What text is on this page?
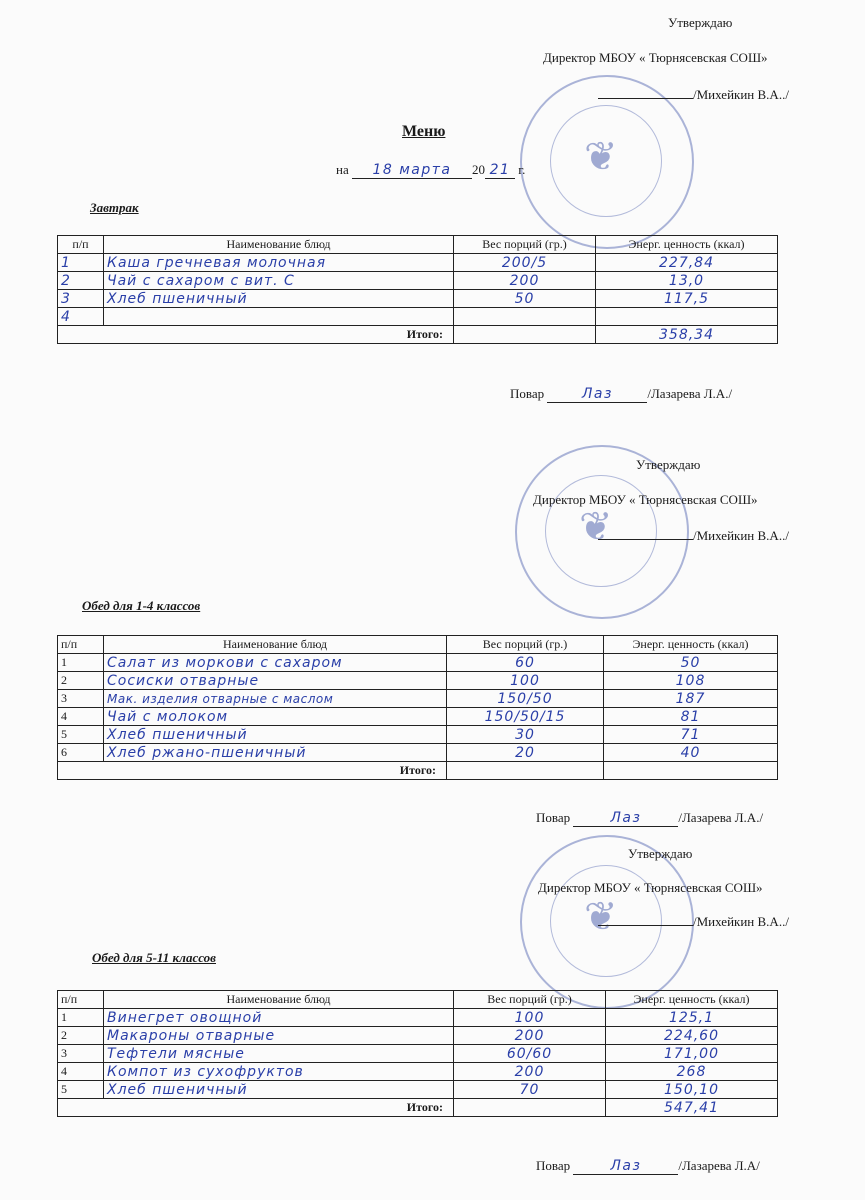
❦
❦
❦
Утверждаю
Директор МБОУ « Тюрнясевская СОШ»
/Михейкин В.А../
Меню
на 18 марта 20 21 г.
Завтрак
п/п	Наименование блюд	Вес порций (гр.)	Энерг. ценность (ккал)
1	Каша гречневая молочная	200/5	227,84
2	Чай с сахаром с вит. С	200	13,0
3	Хлеб пшеничный	50	117,5
4			
Итого:			358,34
Повар	Лаз	/Лазарева Л.А./
Утверждаю
Директор МБОУ « Тюрнясевская СОШ»
/Михейкин В.А../
Обед для 1-4 классов
п/п	Наименование блюд	Вес порций (гр.)	Энерг. ценность (ккал)
1	Салат из моркови с сахаром	60	50
2	Сосиски отварные	100	108
3	Мак. изделия отварные с маслом	150/50	187
4	Чай с молоком	150/50/15	81
5	Хлеб пшеничный	30	71
6	Хлеб ржано-пшеничный	20	40
Итого:			
Повар	Лаз	/Лазарева Л.А./
Утверждаю
Директор МБОУ « Тюрнясевская СОШ»
/Михейкин В.А../
Обед для 5-11 классов
п/п	Наименование блюд	Вес порций (гр.)	Энерг. ценность (ккал)
1	Винегрет овощной	100	125,1
2	Макароны отварные	200	224,60
3	Тефтели мясные	60/60	171,00
4	Компот из сухофруктов	200	268
5	Хлеб пшеничный	70	150,10
Итого:			547,41
Повар	Лаз	/Лазарева Л.А/
